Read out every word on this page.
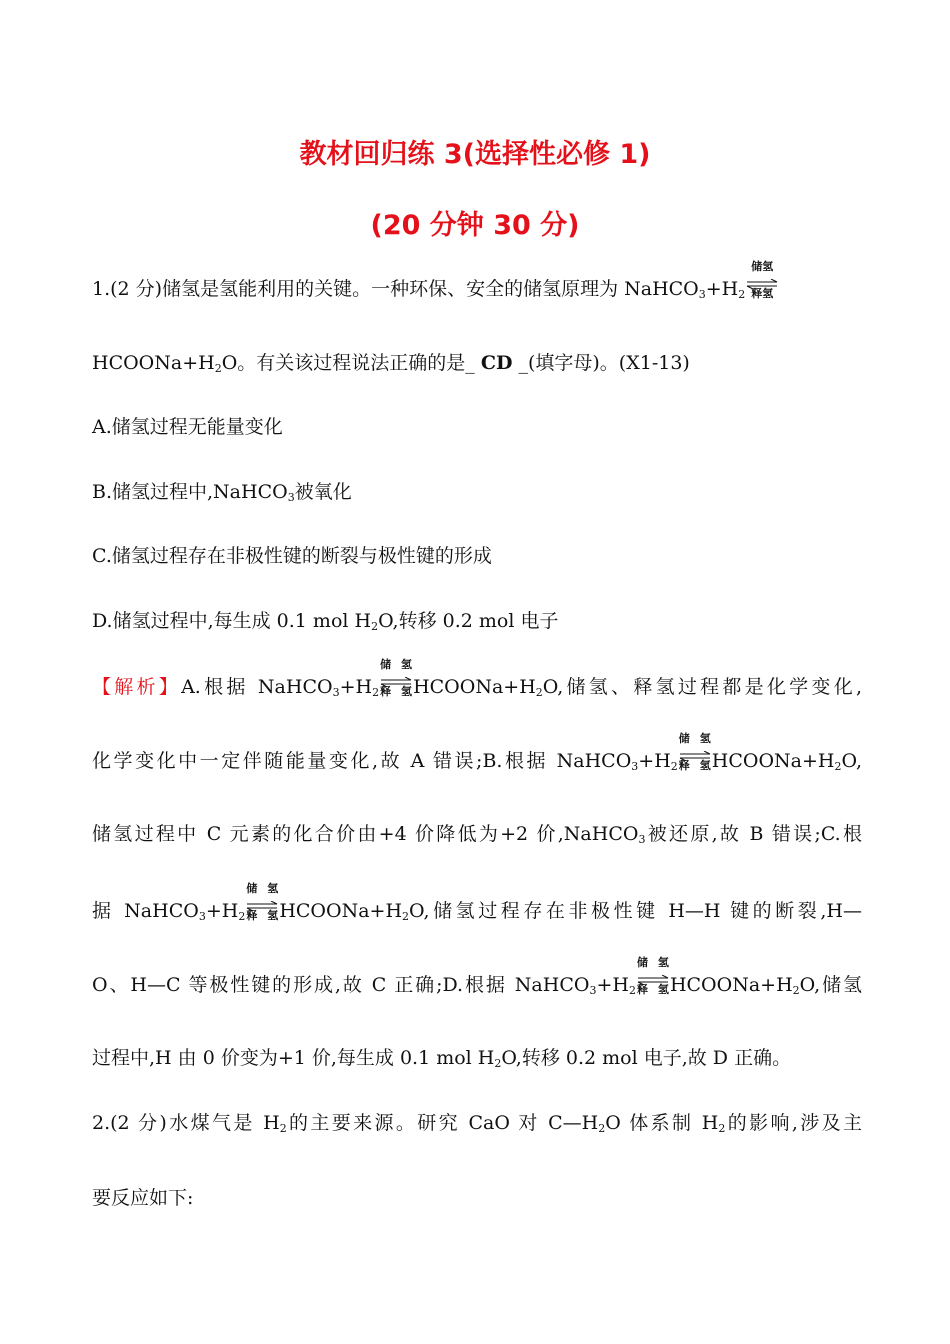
教材回归练 3(选择性必修 1)
(20 分钟 30 分)
1.(2 分)储氢是氢能利用的关键。一种环保、安全的储氢原理为 $NaHCO_3+H_2$
储氢
释氢
$HCOONa+H_2O$。有关该过程说法正确的是_ CD _(填字母)。(X1-13)
A.储氢过程无能量变化
B.储氢过程中,NaHCO$_3$被氧化
C.储氢过程存在非极性键的断裂与极性键的形成
D.储氢过程中,每生成 0.1 mol $H_2O$,转移 0.2 mol 电子
【解析】A.根据 $NaHCO_3+H_2$
储氢
释氢 $HCOONa+H_2O$,储氢、释氢过程都是化学变化,
化学变化中一定伴随能量变化,故 A 错误;B.根据 $NaHCO_3+H_2$
储氢
释氢 $HCOONa+H_2O$,
储氢过程中 C 元素的化合价由+4 价降低为+2 价,NaHCO$_3$被还原,故 B 错误;C.根
据 $NaHCO_3+H_2$
储氢
释氢 $HCOONa+H_2O$,储氢过程存在非极性键 H—H 键的断裂,H—
O、H—C 等极性键的形成,故 C 正确;D.根据 $NaHCO_3+H_2$
储氢
释氢 $HCOONa+H_2O$,储氢
过程中,H 由 0 价变为+1 价,每生成 0.1 mol $H_2O$,转移 0.2 mol 电子,故 D 正确。
2.(2 分)水煤气是 $H_2$的主要来源。研究 CaO 对 $C—H_2O$ 体系制 $H_2$的影响,涉及主
要反应如下:
